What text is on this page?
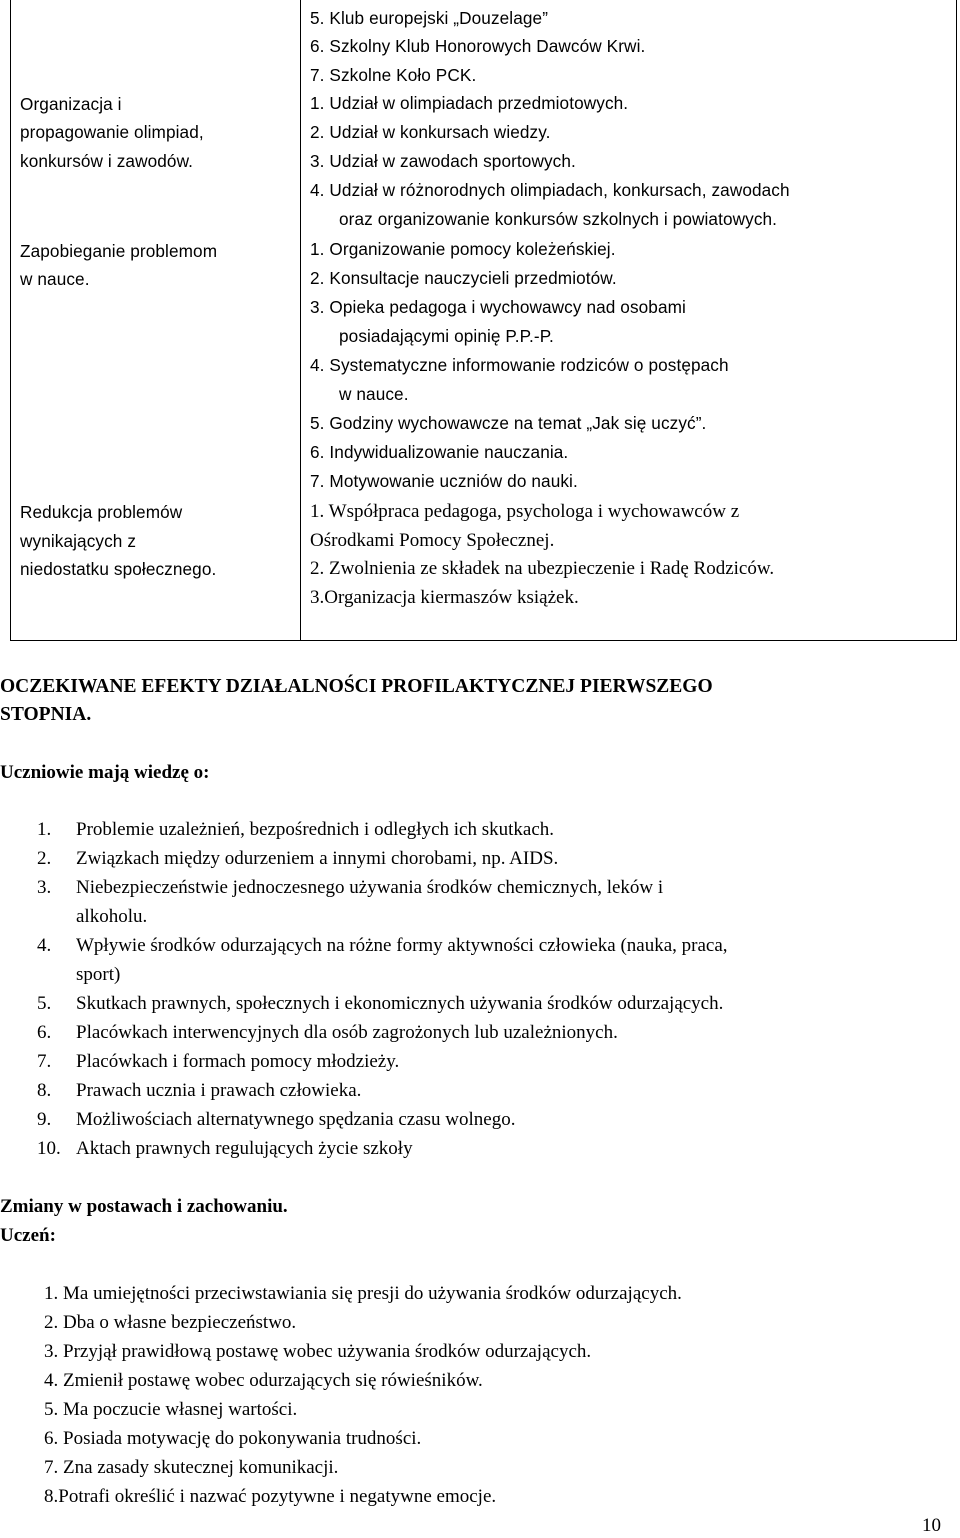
Organizacja i
propagowanie olimpiad,
konkursów i zawodów.
Zapobieganie problemom
w nauce.
Redukcja problemów
wynikających z
niedostatku społecznego.
5. Klub europejski „Douzelage”
6. Szkolny Klub Honorowych Dawców Krwi.
7. Szkolne Koło PCK.
1. Udział w olimpiadach przedmiotowych.
2. Udział w konkursach wiedzy.
3. Udział w zawodach sportowych.
4. Udział w różnorodnych olimpiadach, konkursach, zawodach
oraz organizowanie konkursów szkolnych i powiatowych.
1. Organizowanie pomocy koleżeńskiej.
2. Konsultacje nauczycieli przedmiotów.
3. Opieka pedagoga i wychowawcy nad osobami
posiadającymi opinię P.P.-P.
4. Systematyczne informowanie rodziców o postępach
w nauce.
5. Godziny wychowawcze na temat „Jak się uczyć”.
6. Indywidualizowanie nauczania.
7. Motywowanie uczniów do nauki.
1. Współpraca pedagoga, psychologa i wychowawców z
Ośrodkami Pomocy Społecznej.
2. Zwolnienia ze składek na ubezpieczenie i Radę Rodziców.
3.Organizacja kiermaszów książek.
OCZEKIWANE EFEKTY DZIAŁALNOŚCI PROFILAKTYCZNEJ PIERWSZEGO
STOPNIA.
Uczniowie mają wiedzę o:
1. Problemie uzależnień, bezpośrednich i odległych ich skutkach.
2. Związkach między odurzeniem a innymi chorobami, np. AIDS.
3. Niebezpieczeństwie jednoczesnego używania środków chemicznych, leków i
alkoholu.
4. Wpływie środków odurzających na różne formy aktywności człowieka (nauka, praca,
sport)
5. Skutkach prawnych, społecznych i ekonomicznych używania środków odurzających.
6. Placówkach interwencyjnych dla osób zagrożonych lub uzależnionych.
7. Placówkach i formach pomocy młodzieży.
8. Prawach ucznia i prawach człowieka.
9. Możliwościach alternatywnego spędzania czasu wolnego.
10. Aktach prawnych regulujących życie szkoły
Zmiany w postawach i zachowaniu.
Uczeń:
1. Ma umiejętności przeciwstawiania się presji do używania środków odurzających.
2. Dba o własne bezpieczeństwo.
3. Przyjął prawidłową postawę wobec używania środków odurzających.
4. Zmienił postawę wobec odurzających się rówieśników.
5. Ma poczucie własnej wartości.
6. Posiada motywację do pokonywania trudności.
7. Zna zasady skutecznej komunikacji.
8.Potrafi określić i nazwać pozytywne i negatywne emocje.
10
